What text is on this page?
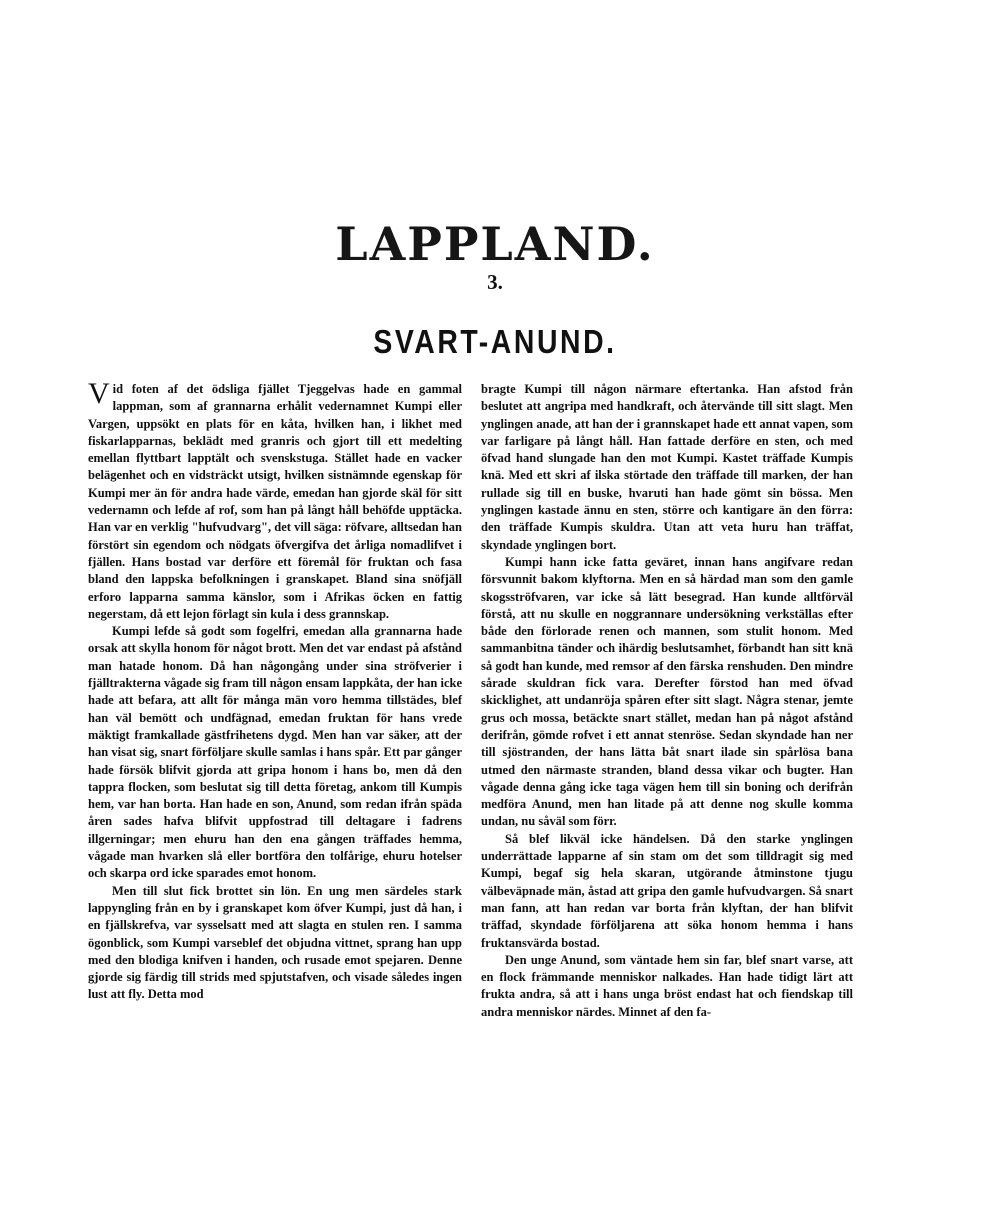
LAPPLAND.
3.
SVART-ANUND.

Vid foten af det ödsliga fjället Tjeggelvas hade en gammal lappman, som af grannarna erhålit vedernamnet Kumpi eller Vargen, uppsökt en plats för en kåta, hvilken han, i likhet med fiskarlapparnas, beklädt med granris och gjort till ett medelting emellan flyttbart lapptält och svenskstuga. Stället hade en vacker belägenhet och en vidsträckt utsigt, hvilken sistnämnde egenskap för Kumpi mer än för andra hade värde, emedan han gjorde skäl för sitt vedernamn och lefde af rof, som han på långt håll behöfde upptäcka. Han var en verklig "hufvudvarg", det vill säga: röfvare, alltsedan han förstört sin egendom och nödgats öfvergifva det årliga nomadlifvet i fjällen. Hans bostad var derföre ett föremål för fruktan och fasa bland den lappska befolkningen i granskapet. Bland sina snöfjäll erforo lapparna samma känslor, som i Afrikas öcken en fattig negerstam, då ett lejon förlagt sin kula i dess grannskap.

Kumpi lefde så godt som fogelfri, emedan alla grannarna hade orsak att skylla honom för något brott. Men det var endast på afstånd man hatade honom. Då han någongång under sina ströfverier i fjälltrakterna vågade sig fram till någon ensam lappkåta, der han icke hade att befara, att allt för många män voro hemma tillstädes, blef han väl bemött och undfägnad, emedan fruktan för hans vrede mäktigt framkallade gästfrihetens dygd. Men han var säker, att der han visat sig, snart förföljare skulle samlas i hans spår. Ett par gånger hade försök blifvit gjorda att gripa honom i hans bo, men då den tappra flocken, som beslutat sig till detta företag, ankom till Kumpis hem, var han borta. Han hade en son, Anund, som redan ifrån späda åren sades hafva blifvit uppfostrad till deltagare i fadrens illgerningar; men ehuru han den ena gången träffades hemma, vågade man hvarken slå eller bortföra den tolfårige, ehuru hotelser och skarpa ord icke sparades emot honom.

Men till slut fick brottet sin lön. En ung men särdeles stark lappyngling från en by i granskapet kom öfver Kumpi, just då han, i en fjällskrefva, var sysselsatt med att slagta en stulen ren. I samma ögonblick, som Kumpi varseblef det objudna vittnet, sprang han upp med den blodiga knifven i handen, och rusade emot spejaren. Denne gjorde sig färdig till strids med spjutstafven, och visade således ingen lust att fly. Detta mod

bragte Kumpi till någon närmare eftertanka. Han afstod från beslutet att angripa med handkraft, och återvände till sitt slagt. Men ynglingen anade, att han der i grannskapet hade ett annat vapen, som var farligare på långt håll. Han fattade derföre en sten, och med öfvad hand slungade han den mot Kumpi. Kastet träffade Kumpis knä. Med ett skri af ilska störtade den träffade till marken, der han rullade sig till en buske, hvaruti han hade gömt sin bössa. Men ynglingen kastade ännu en sten, större och kantigare än den förra: den träffade Kumpis skuldra. Utan att veta huru han träffat, skyndade ynglingen bort.

Kumpi hann icke fatta geväret, innan hans angifvare redan försvunnit bakom klyftorna. Men en så härdad man som den gamle skogsströfvaren, var icke så lätt besegrad. Han kunde alltförväl förstå, att nu skulle en noggrannare undersökning verkställas efter både den förlorade renen och mannen, som stulit honom. Med sammanbitna tänder och ihärdig beslutsamhet, förbandt han sitt knä så godt han kunde, med remsor af den färska renshuden. Den mindre sårade skuldran fick vara. Derefter förstod han med öfvad skicklighet, att undanröja spåren efter sitt slagt. Några stenar, jemte grus och mossa, betäckte snart stället, medan han på något afstånd derifrån, gömde rofvet i ett annat stenröse. Sedan skyndade han ner till sjöstranden, der hans lätta båt snart ilade sin spårlösa bana utmed den närmaste stranden, bland dessa vikar och bugter. Han vågade denna gång icke taga vägen hem till sin boning och derifrån medföra Anund, men han litade på att denne nog skulle komma undan, nu såväl som förr.

Så blef likväl icke händelsen. Då den starke ynglingen underrättade lapparne af sin stam om det som tilldragit sig med Kumpi, begaf sig hela skaran, utgörande åtminstone tjugu välbeväpnade män, åstad att gripa den gamle hufvudvargen. Så snart man fann, att han redan var borta från klyftan, der han blifvit träffad, skyndade förföljarena att söka honom hemma i hans fruktansvärda bostad.

Den unge Anund, som väntade hem sin far, blef snart varse, att en flock främmande menniskor nalkades. Han hade tidigt lärt att frukta andra, så att i hans unga bröst endast hat och fiendskap till andra menniskor närdes. Minnet af den fa-
